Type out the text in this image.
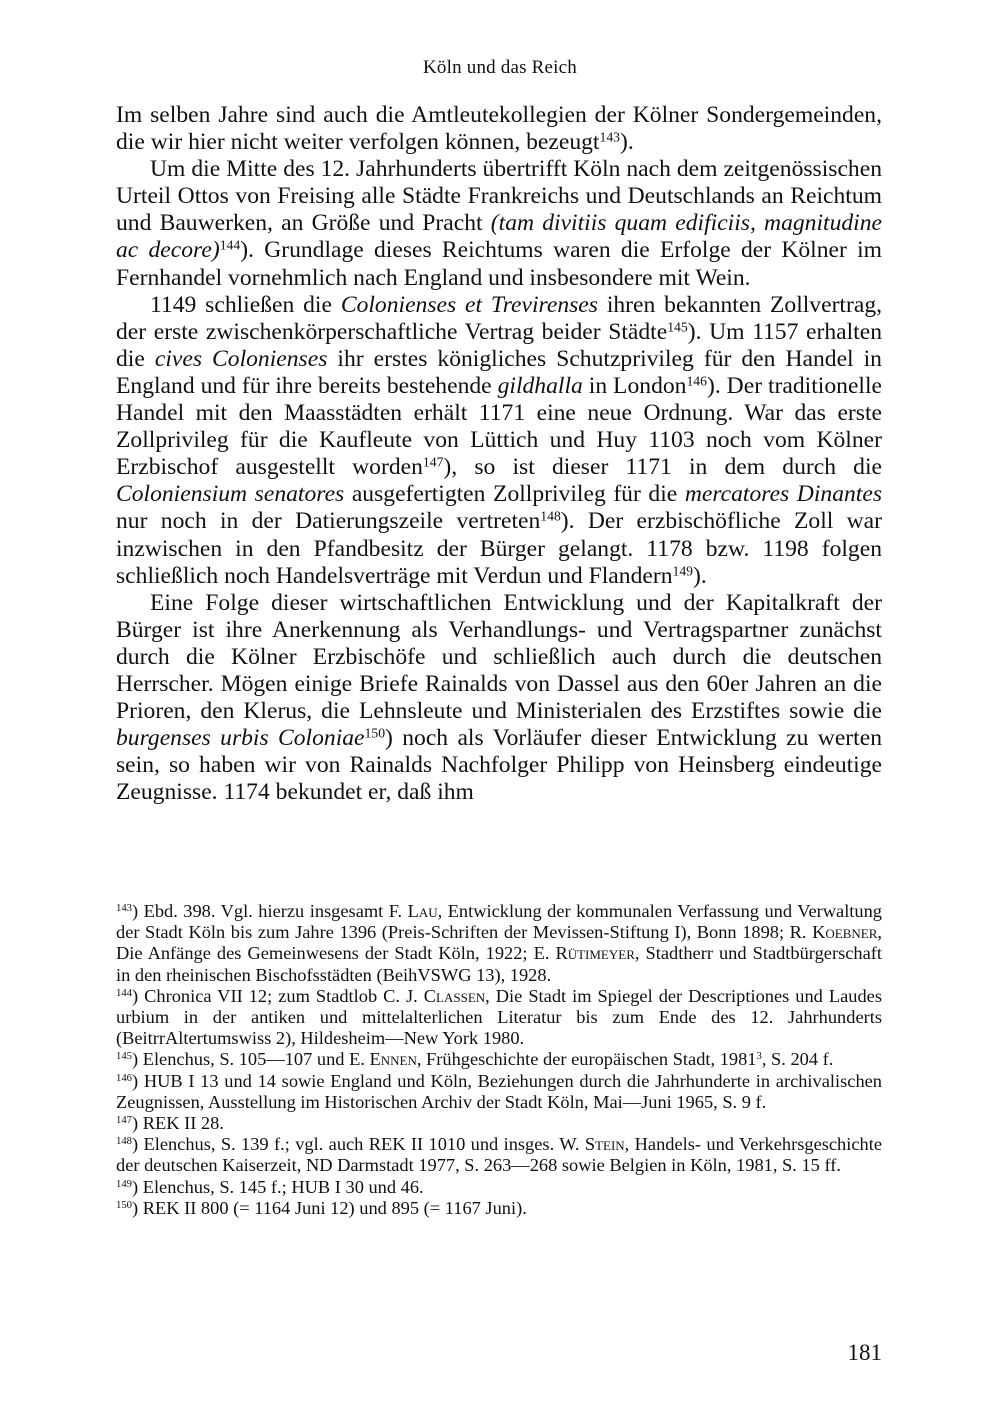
Köln und das Reich

Im selben Jahre sind auch die Amtleutekollegien der Kölner Sondergemeinden, die wir hier nicht weiter verfolgen können, bezeugt$^{143}$).

Um die Mitte des 12. Jahrhunderts übertrifft Köln nach dem zeitgenössischen Urteil Ottos von Freising alle Städte Frankreichs und Deutschlands an Reichtum und Bauwerken, an Größe und Pracht (tam divitiis quam edificiis, magnitudine ac decore)$^{144}$). Grundlage dieses Reichtums waren die Erfolge der Kölner im Fernhandel vornehmlich nach England und insbesondere mit Wein.

1149 schließen die Colonienses et Trevirenses ihren bekannten Zollvertrag, der erste zwischenkörperschaftliche Vertrag beider Städte$^{145}$). Um 1157 erhalten die cives Colonienses ihr erstes königliches Schutzprivileg für den Handel in England und für ihre bereits bestehende gildhalla in London$^{146}$). Der traditionelle Handel mit den Maasstädten erhält 1171 eine neue Ordnung. War das erste Zollprivileg für die Kaufleute von Lüttich und Huy 1103 noch vom Kölner Erzbischof ausgestellt worden$^{147}$), so ist dieser 1171 in dem durch die Coloniensium senatores ausgefertigten Zollprivileg für die mercatores Dinantes nur noch in der Datierungszeile vertreten$^{148}$). Der erzbischöfliche Zoll war inzwischen in den Pfandbesitz der Bürger gelangt. 1178 bzw. 1198 folgen schließlich noch Handelsverträge mit Verdun und Flandern$^{149}$).

Eine Folge dieser wirtschaftlichen Entwicklung und der Kapitalkraft der Bürger ist ihre Anerkennung als Verhandlungs- und Vertragspartner zunächst durch die Kölner Erzbischöfe und schließlich auch durch die deutschen Herrscher. Mögen einige Briefe Rainalds von Dassel aus den 60er Jahren an die Prioren, den Klerus, die Lehnsleute und Ministerialen des Erzstiftes sowie die burgenses urbis Coloniae$^{150}$) noch als Vorläufer dieser Entwicklung zu werten sein, so haben wir von Rainalds Nachfolger Philipp von Heinsberg eindeutige Zeugnisse. 1174 bekundet er, daß ihm

$^{143}$) Ebd. 398. Vgl. hierzu insgesamt F. Lau, Entwicklung der kommunalen Verfassung und Verwaltung der Stadt Köln bis zum Jahre 1396 (Preis-Schriften der Mevissen-Stiftung I), Bonn 1898; R. Koebner, Die Anfänge des Gemeinwesens der Stadt Köln, 1922; E. Rütimeyer, Stadtherr und Stadtbürgerschaft in den rheinischen Bischofsstädten (BeihVSWG 13), 1928.

$^{144}$) Chronica VII 12; zum Stadtlob C. J. Classen, Die Stadt im Spiegel der Descriptiones und Laudes urbium in der antiken und mittelalterlichen Literatur bis zum Ende des 12. Jahrhunderts (BeitrrAltertumswiss 2), Hildesheim—New York 1980.

$^{145}$) Elenchus, S. 105—107 und E. Ennen, Frühgeschichte der europäischen Stadt, 1981$^3$, S. 204 f.

$^{146}$) HUB I 13 und 14 sowie England und Köln, Beziehungen durch die Jahrhunderte in archivalischen Zeugnissen, Ausstellung im Historischen Archiv der Stadt Köln, Mai—Juni 1965, S. 9 f.

$^{147}$) REK II 28.

$^{148}$) Elenchus, S. 139 f.; vgl. auch REK II 1010 und insges. W. Stein, Handels- und Verkehrsgeschichte der deutschen Kaiserzeit, ND Darmstadt 1977, S. 263—268 sowie Belgien in Köln, 1981, S. 15 ff.

$^{149}$) Elenchus, S. 145 f.; HUB I 30 und 46.

$^{150}$) REK II 800 (= 1164 Juni 12) und 895 (= 1167 Juni).

181
